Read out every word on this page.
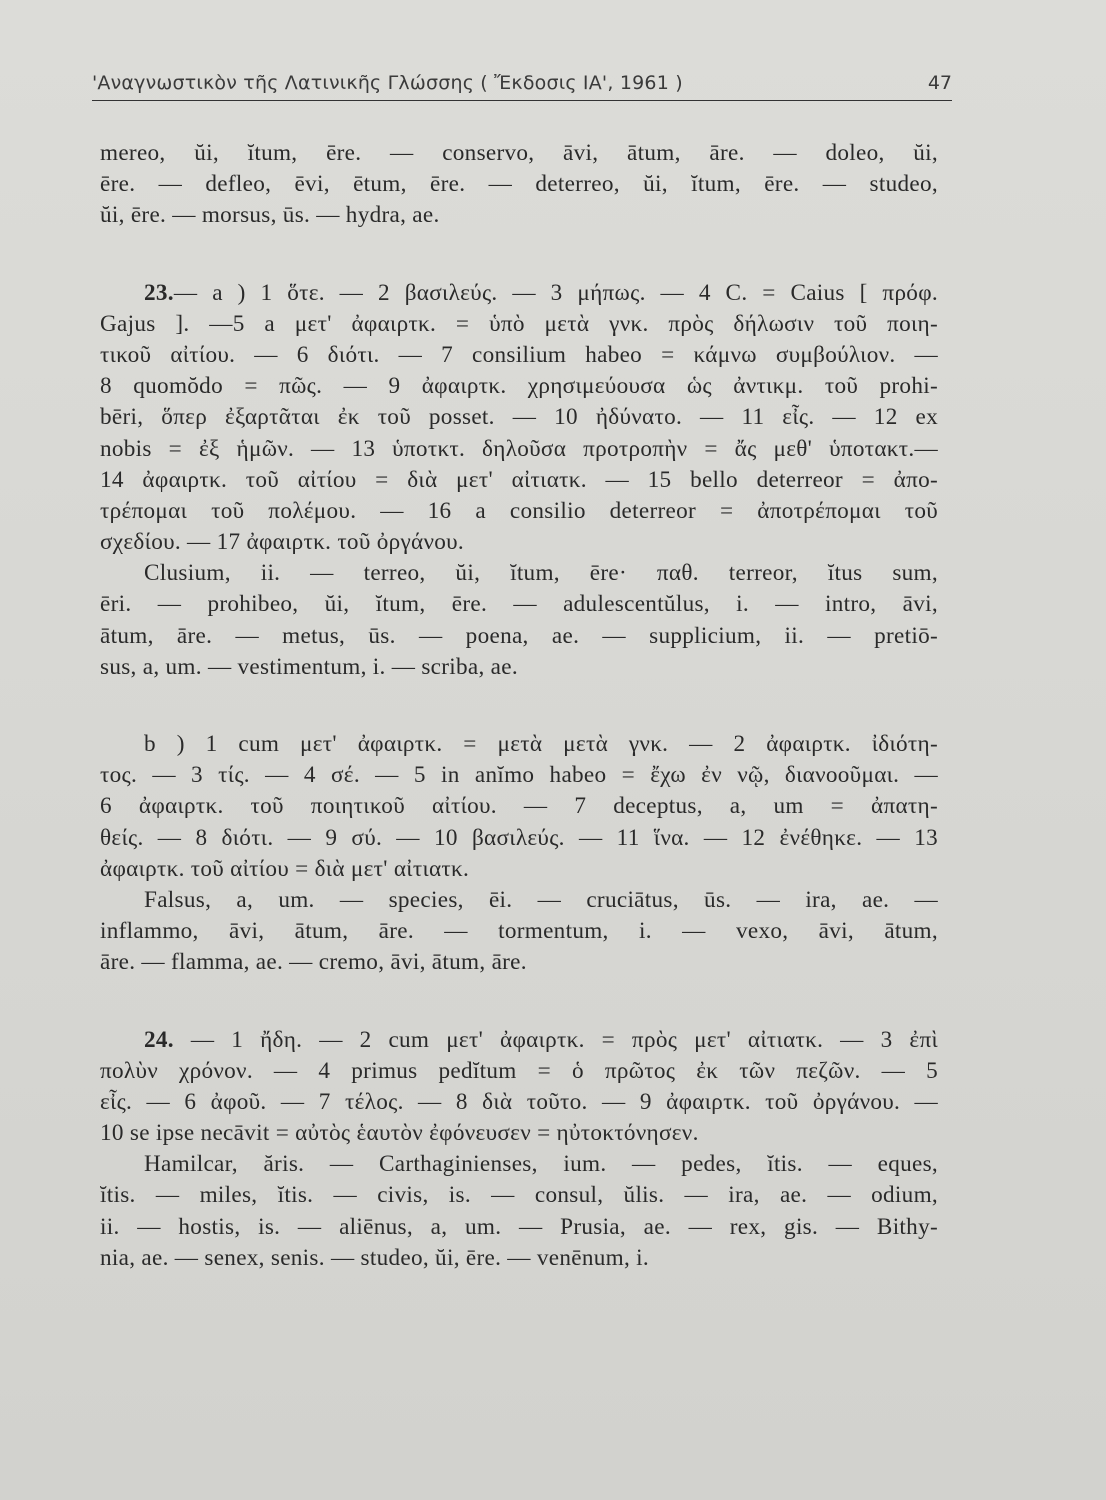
'Αναγνωστικὸν τῆς Λατινικῆς Γλώσσης ( Ἔκδοσις ΙΑ', 1961 )	47
mereo, ŭi, ĭtum, ēre. — conservo, āvi, ātum, āre. — doleo, ŭi,
ēre. — defleo, ēvi, ētum, ēre. — deterreo, ŭi, ĭtum, ēre. — studeo,
ŭi, ēre. — morsus, ūs. — hydra, ae.
23.— a ) 1 ὅτε. — 2 βασιλεύς. — 3 μήπως. — 4 C. = Caius [ πρόφ.
Gajus ]. —5 a μετ' ἀφαιρτκ. = ὑπὸ μετὰ γνκ. πρὸς δήλωσιν τοῦ ποιη-
τικοῦ αἰτίου. — 6 διότι. — 7 consilium habeo = κάμνω συμβούλιον. —
8 quomŏdo = πῶς. — 9 ἀφαιρτκ. χρησιμεύουσα ὡς ἀντικμ. τοῦ prohi-
bēri, ὅπερ ἐξαρτᾶται ἐκ τοῦ posset. — 10 ἠδύνατο. — 11 εἶς. — 12 ex
nobis = ἐξ ἡμῶν. — 13 ὑποτκτ. δηλοῦσα προτροπὴν = ἄς μεθ' ὑποτακτ.—
14 ἀφαιρτκ. τοῦ αἰτίου = διὰ μετ' αἰτιατκ. — 15 bello deterreor = ἀπο-
τρέπομαι τοῦ πολέμου. — 16 a consilio deterreor = ἀποτρέπομαι τοῦ
σχεδίου. — 17 ἀφαιρτκ. τοῦ ὀργάνου.
Clusium, ii. — terreo, ŭi, ĭtum, ēre· παθ. terreor, ĭtus sum,
ēri. — prohibeo, ŭi, ĭtum, ēre. — adulescentŭlus, i. — intro, āvi,
ātum, āre. — metus, ūs. — poena, ae. — supplicium, ii. — pretiō-
sus, a, um. — vestimentum, i. — scriba, ae.
b ) 1 cum μετ' ἀφαιρτκ. = μετὰ μετὰ γνκ. — 2 ἀφαιρτκ. ἰδιότη-
τος. — 3 τίς. — 4 σέ. — 5 in anĭmo habeo = ἔχω ἐν νῷ, διανοοῦμαι. —
6 ἀφαιρτκ. τοῦ ποιητικοῦ αἰτίου. — 7 deceptus, a, um = ἀπατη-
θείς. — 8 διότι. — 9 σύ. — 10 βασιλεύς. — 11 ἵνα. — 12 ἐνέθηκε. — 13
ἀφαιρτκ. τοῦ αἰτίου = διὰ μετ' αἰτιατκ.
Falsus, a, um. — species, ēi. — cruciātus, ūs. — ira, ae. —
inflammo, āvi, ātum, āre. — tormentum, i. — vexo, āvi, ātum,
āre. — flamma, ae. — cremo, āvi, ātum, āre.
24. — 1 ἤδη. — 2 cum μετ' ἀφαιρτκ. = πρὸς μετ' αἰτιατκ. — 3 ἐπὶ
πολὺν χρόνον. — 4 primus pedĭtum = ὁ πρῶτος ἐκ τῶν πεζῶν. — 5
εἶς. — 6 ἀφοῦ. — 7 τέλος. — 8 διὰ τοῦτο. — 9 ἀφαιρτκ. τοῦ ὀργάνου. —
10 se ipse necāvit = αὐτὸς ἑαυτὸν ἐφόνευσεν = ηὐτοκτόνησεν.
Hamilcar, ăris. — Carthaginienses, ium. — pedes, ĭtis. — eques,
ĭtis. — miles, ĭtis. — civis, is. — consul, ŭlis. — ira, ae. — odium,
ii. — hostis, is. — aliēnus, a, um. — Prusia, ae. — rex, gis. — Bithy-
nia, ae. — senex, senis. — studeo, ŭi, ēre. — venēnum, i.
